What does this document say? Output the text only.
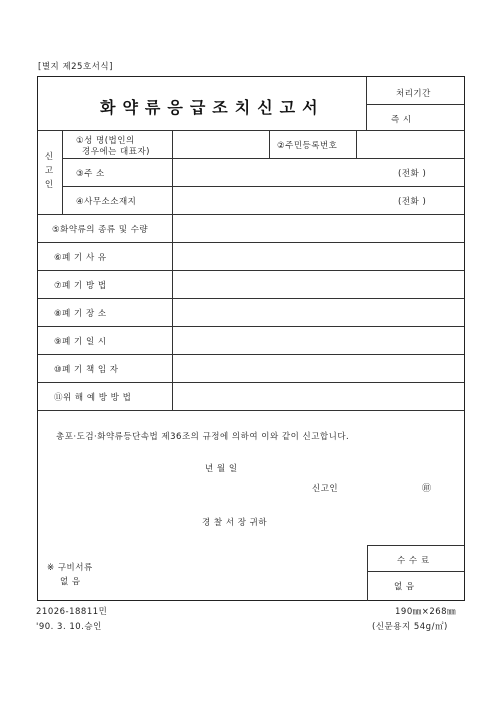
[별지 제25호서식]
화약류응급조치신고서
처리기간
즉 시
신고인
①성 명(법인의
경우에는 대표자)
②주민등록번호
③주 소	(전화 )
④사무소소재지	(전화 )
⑤화약류의 종류 및 수량
⑥폐 기 사 유
⑦폐 기 방 법
⑧폐 기 장 소
⑨폐 기 일 시
⑩폐 기 책 임 자
⑪위 해 예 방 방 법
총포·도검·화약류등단속법 제36조의 규정에 의하여 이와 같이 신고합니다.
년 월 일
신고인	㊞
경 찰 서 장 귀하
수 수 료
없 음
※ 구비서류
없 음
21026-18811민
'90. 3. 10.승인
190㎜×268㎜
(신문용지 54g/㎡)
